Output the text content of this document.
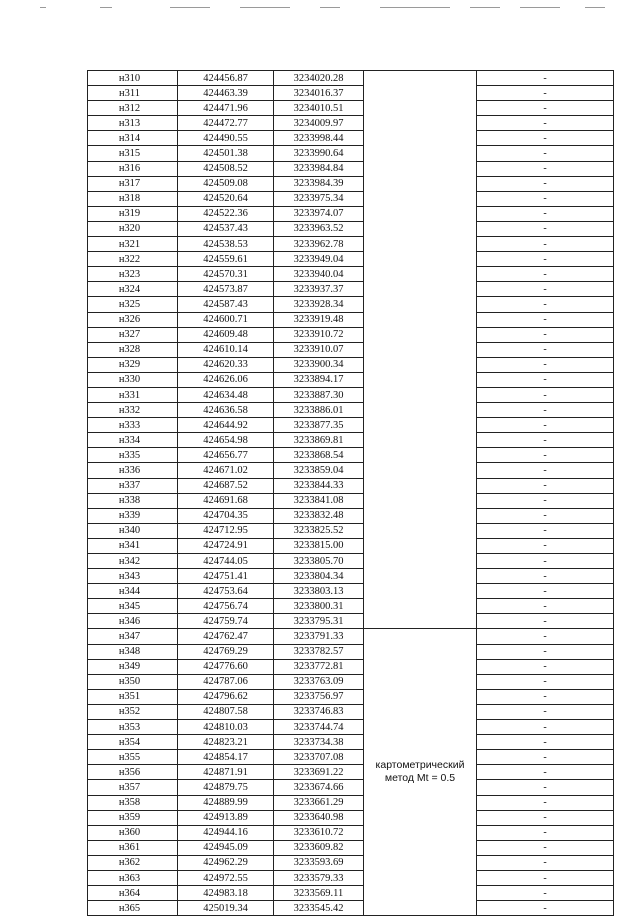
н310	424456.87	3234020.28		-
н311	424463.39	3234016.37		-
н312	424471.96	3234010.51		-
н313	424472.77	3234009.97		-
н314	424490.55	3233998.44		-
н315	424501.38	3233990.64		-
н316	424508.52	3233984.84		-
н317	424509.08	3233984.39		-
н318	424520.64	3233975.34		-
н319	424522.36	3233974.07		-
н320	424537.43	3233963.52		-
н321	424538.53	3233962.78		-
н322	424559.61	3233949.04		-
н323	424570.31	3233940.04		-
н324	424573.87	3233937.37		-
н325	424587.43	3233928.34		-
н326	424600.71	3233919.48		-
н327	424609.48	3233910.72		-
н328	424610.14	3233910.07		-
н329	424620.33	3233900.34		-
н330	424626.06	3233894.17		-
н331	424634.48	3233887.30		-
н332	424636.58	3233886.01		-
н333	424644.92	3233877.35		-
н334	424654.98	3233869.81		-
н335	424656.77	3233868.54		-
н336	424671.02	3233859.04		-
н337	424687.52	3233844.33		-
н338	424691.68	3233841.08		-
н339	424704.35	3233832.48		-
н340	424712.95	3233825.52		-
н341	424724.91	3233815.00		-
н342	424744.05	3233805.70		-
н343	424751.41	3233804.34		-
н344	424753.64	3233803.13		-
н345	424756.74	3233800.31		-
н346	424759.74	3233795.31		-
н347	424762.47	3233791.33	картометрический метод Mt = 0.5	-
н348	424769.29	3233782.57		-
н349	424776.60	3233772.81		-
н350	424787.06	3233763.09		-
н351	424796.62	3233756.97		-
н352	424807.58	3233746.83		-
н353	424810.03	3233744.74		-
н354	424823.21	3233734.38		-
н355	424854.17	3233707.08		-
н356	424871.91	3233691.22		-
н357	424879.75	3233674.66		-
н358	424889.99	3233661.29		-
н359	424913.89	3233640.98		-
н360	424944.16	3233610.72		-
н361	424945.09	3233609.82		-
н362	424962.29	3233593.69		-
н363	424972.55	3233579.33		-
н364	424983.18	3233569.11		-
н365	425019.34	3233545.42		-
